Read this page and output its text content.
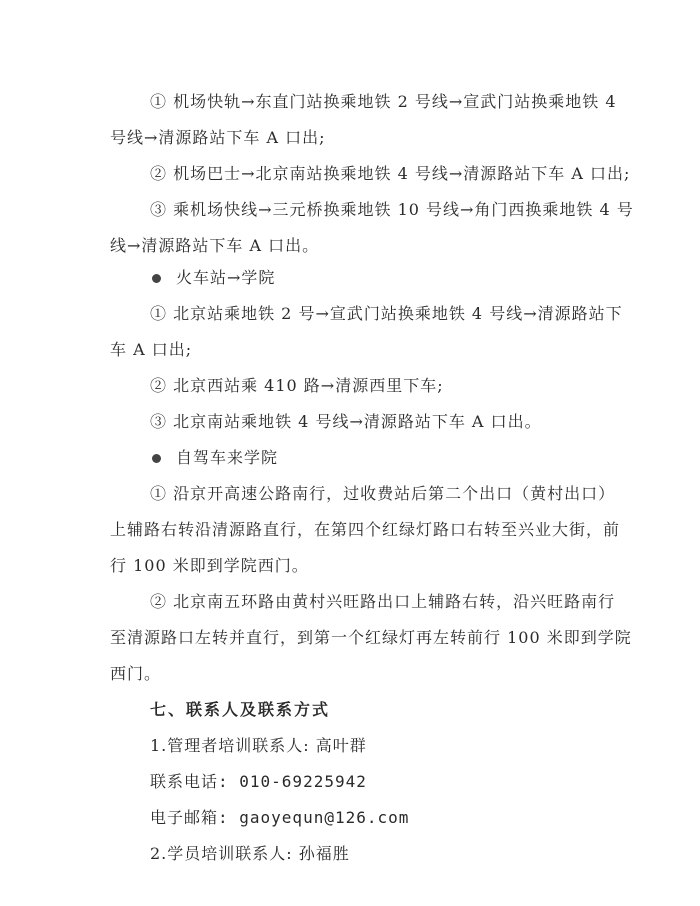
① 机场快轨→东直门站换乘地铁 2 号线→宣武门站换乘地铁 4
号线→清源路站下车 A 口出;
② 机场巴士→北京南站换乘地铁 4 号线→清源路站下车 A 口出;
③ 乘机场快线→三元桥换乘地铁 10 号线→角门西换乘地铁 4 号
线→清源路站下车 A 口出。
火车站→学院
① 北京站乘地铁 2 号→宣武门站换乘地铁 4 号线→清源路站下
车 A 口出;
② 北京西站乘 410 路→清源西里下车;
③ 北京南站乘地铁 4 号线→清源路站下车 A 口出。
自驾车来学院
① 沿京开高速公路南行，过收费站后第二个出口（黄村出口）
上辅路右转沿清源路直行，在第四个红绿灯路口右转至兴业大街，前
行 100 米即到学院西门。
② 北京南五环路由黄村兴旺路出口上辅路右转，沿兴旺路南行
至清源路口左转并直行，到第一个红绿灯再左转前行 100 米即到学院
西门。
七、联系人及联系方式
1.管理者培训联系人: 高叶群
联系电话: 010-69225942
电子邮箱: gaoyequn@126.com
2.学员培训联系人: 孙福胜
